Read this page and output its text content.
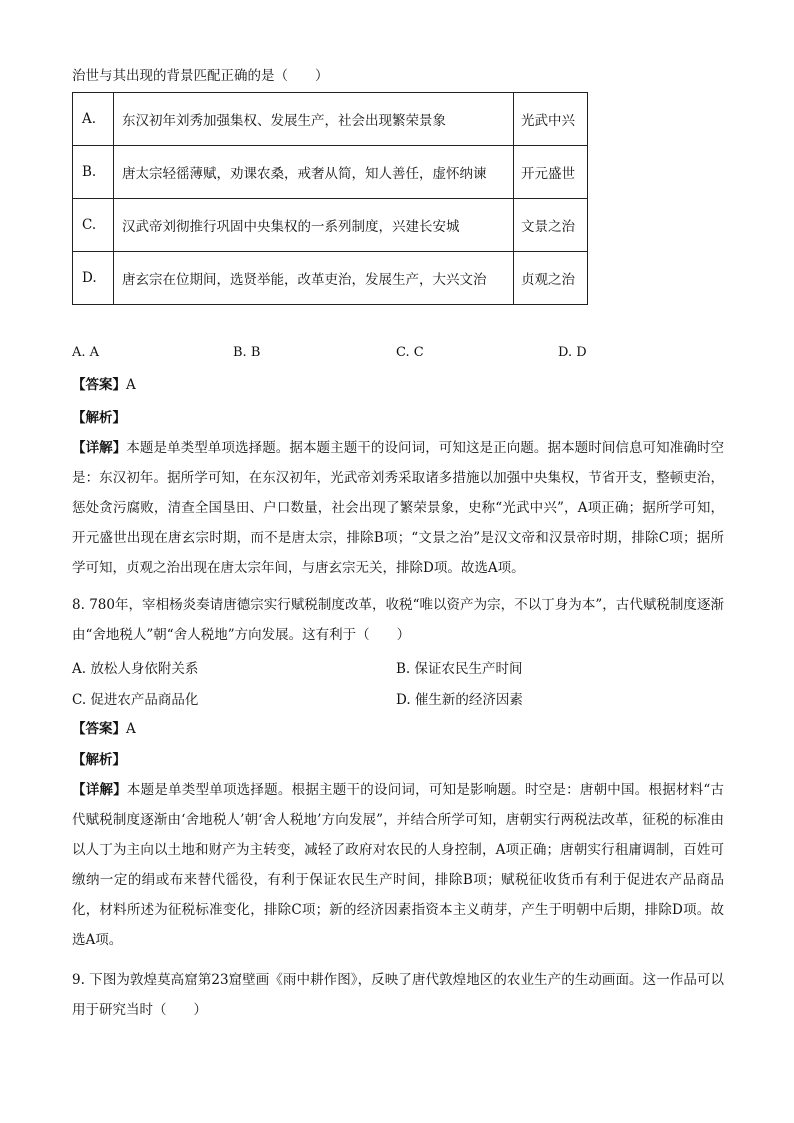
治世与其出现的背景匹配正确的是（　　）
A.	东汉初年刘秀加强集权、发展生产，社会出现繁荣景象	光武中兴
B.	唐太宗轻徭薄赋，劝课农桑，戒奢从简，知人善任，虚怀纳谏	开元盛世
C.	汉武帝刘彻推行巩固中央集权的一系列制度，兴建长安城	文景之治
D.	唐玄宗在位期间，选贤举能，改革吏治，发展生产，大兴文治	贞观之治
A. A	B. B	C. C	D. D
【答案】A
【解析】
【详解】本题是单类型单项选择题。据本题主题干的设问词，可知这是正向题。据本题时间信息可知准确时空是：东汉初年。据所学可知，在东汉初年，光武帝刘秀采取诸多措施以加强中央集权，节省开支，整顿吏治，惩处贪污腐败，清查全国垦田、户口数量，社会出现了繁荣景象，史称“光武中兴”，A项正确；据所学可知，开元盛世出现在唐玄宗时期，而不是唐太宗，排除B项；“文景之治”是汉文帝和汉景帝时期，排除C项；据所学可知，贞观之治出现在唐太宗年间，与唐玄宗无关，排除D项。故选A项。
8. 780年，宰相杨炎奏请唐德宗实行赋税制度改革，收税“唯以资产为宗，不以丁身为本”，古代赋税制度逐渐由“舍地税人”朝“舍人税地”方向发展。这有利于（　　）
A. 放松人身依附关系	B. 保证农民生产时间
C. 促进农产品商品化	D. 催生新的经济因素
【答案】A
【解析】
【详解】本题是单类型单项选择题。根据主题干的设问词，可知是影响题。时空是：唐朝中国。根据材料“古代赋税制度逐渐由‘舍地税人’朝‘舍人税地’方向发展”，并结合所学可知，唐朝实行两税法改革，征税的标准由以人丁为主向以土地和财产为主转变，减轻了政府对农民的人身控制，A项正确；唐朝实行租庸调制，百姓可缴纳一定的绢或布来替代徭役，有利于保证农民生产时间，排除B项；赋税征收货币有利于促进农产品商品化，材料所述为征税标准变化，排除C项；新的经济因素指资本主义萌芽，产生于明朝中后期，排除D项。故选A项。
9. 下图为敦煌莫高窟第23窟壁画《雨中耕作图》，反映了唐代敦煌地区的农业生产的生动画面。这一作品可以用于研究当时（　　）
